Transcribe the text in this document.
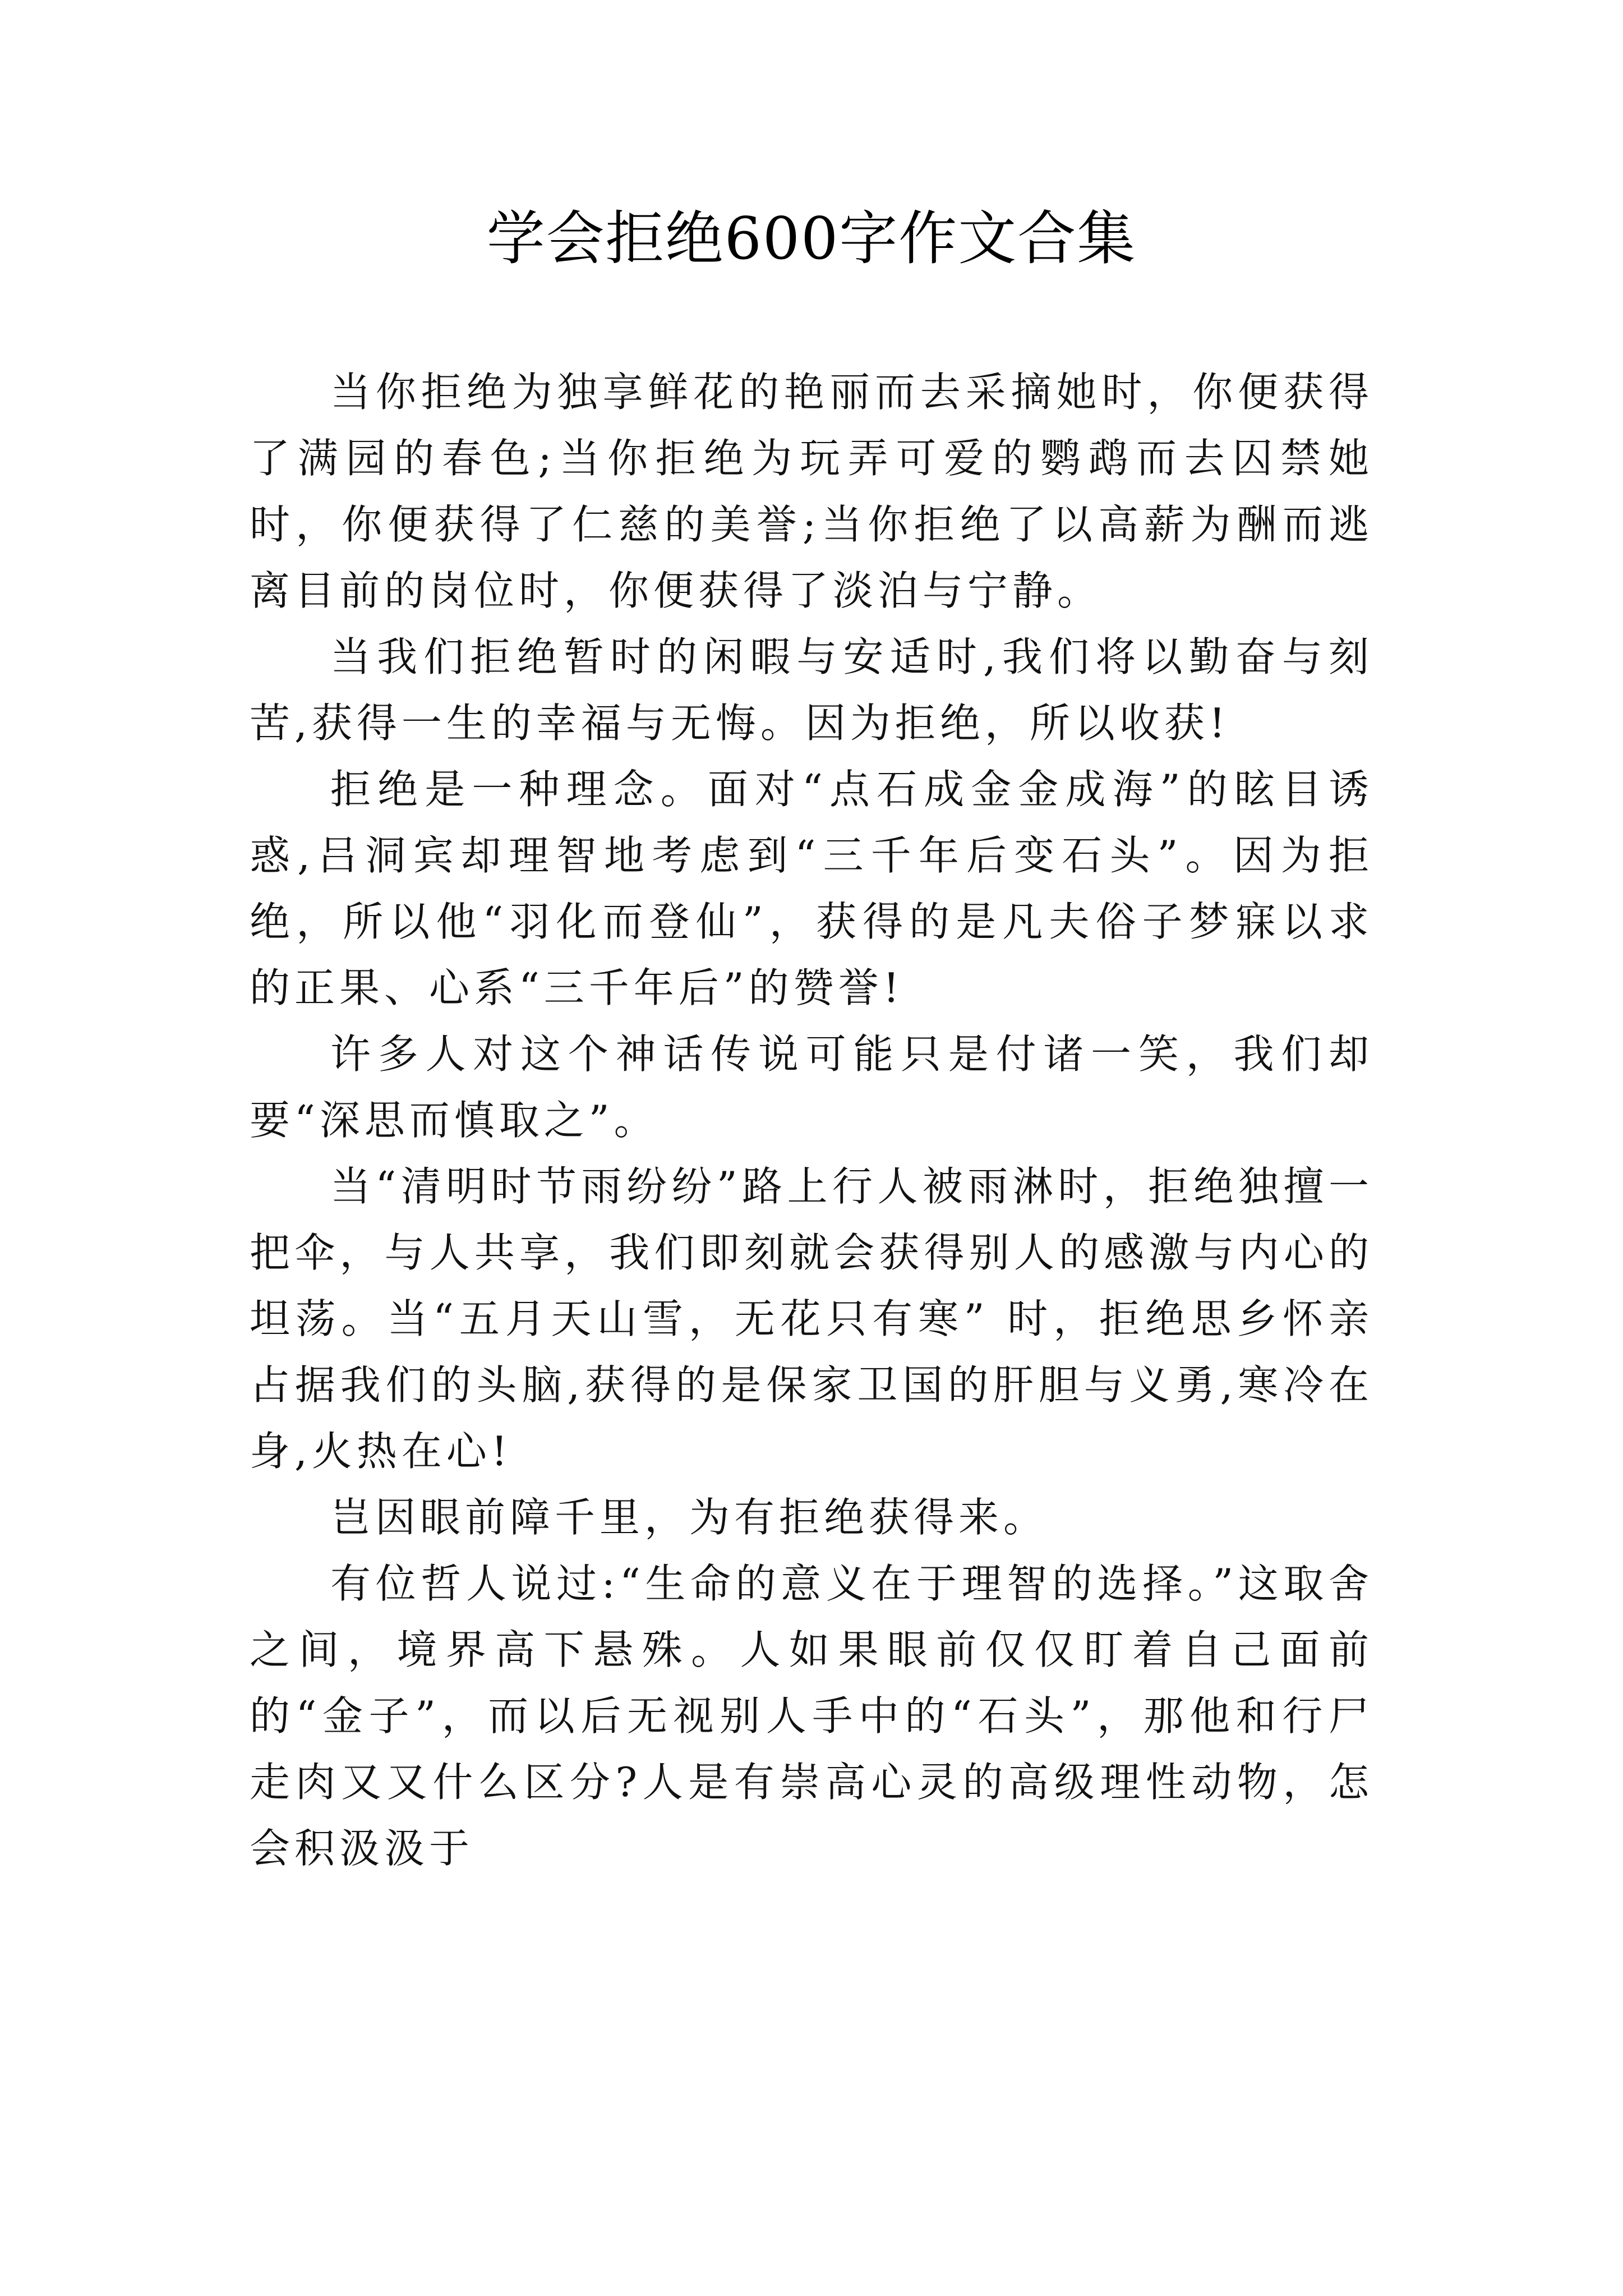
学会拒绝600字作文合集

当你拒绝为独享鲜花的艳丽而去采摘她时，你便获得了满园的春色;当你拒绝为玩弄可爱的鹦鹉而去囚禁她时，你便获得了仁慈的美誉;当你拒绝了以高薪为酬而逃离目前的岗位时，你便获得了淡泊与宁静。

当我们拒绝暂时的闲暇与安适时,我们将以勤奋与刻苦,获得一生的幸福与无悔。因为拒绝，所以收获!

拒绝是一种理念。面对“点石成金金成海”的眩目诱惑,吕洞宾却理智地考虑到“三千年后变石头”。因为拒绝，所以他“羽化而登仙”，获得的是凡夫俗子梦寐以求的正果、心系“三千年后”的赞誉!

许多人对这个神话传说可能只是付诸一笑，我们却要“深思而慎取之”。

当“清明时节雨纷纷”路上行人被雨淋时，拒绝独擅一把伞，与人共享，我们即刻就会获得别人的感激与内心的坦荡。当“五月天山雪，无花只有寒” 时，拒绝思乡怀亲占据我们的头脑,获得的是保家卫国的肝胆与义勇,寒冷在身,火热在心!

岂因眼前障千里，为有拒绝获得来。

有位哲人说过:“生命的意义在于理智的选择。”这取舍之间，境界高下悬殊。人如果眼前仅仅盯着自己面前的“金子”，而以后无视别人手中的“石头”，那他和行尸走肉又又什么区分?人是有崇高心灵的高级理性动物，怎会积汲汲于
